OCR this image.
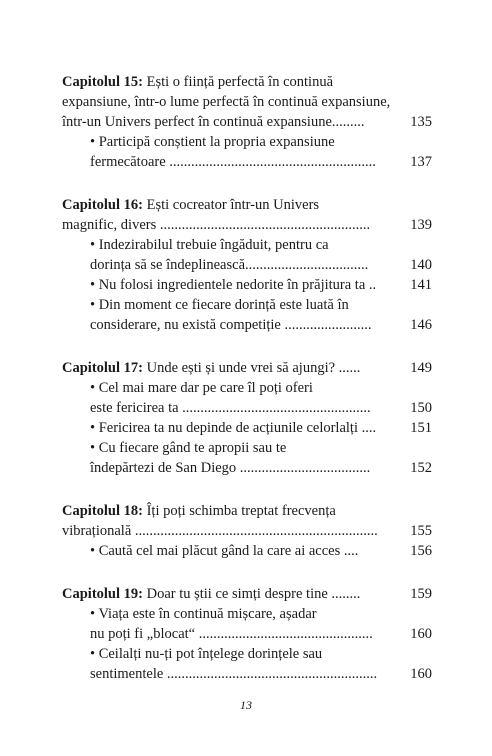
Capitolul 15: Ești o ființă perfectă în continuă
expansiune, într-o lume perfectă în continuă expansiune,
într-un Univers perfect în continuă expansiune.........	135
• Participă conștient la propria expansiune
fermecătoare ......................................................... 137
Capitolul 16: Ești cocreator într-un Univers
magnific, divers ..........................................................	139
• Indezirabilul trebuie îngăduit, pentru ca
dorința să se îndeplinească..................................	140
• Nu folosi ingredientele nedorite în prăjitura ta .. 141
• Din moment ce fiecare dorință este luată în
considerare, nu există competiție ........................	146
Capitolul 17: Unde ești și unde vrei să ajungi? ......	149
• Cel mai mare dar pe care îl poți oferi
este fericirea ta ....................................................	150
• Fericirea ta nu depinde de acțiunile celorlalți .... 151
• Cu fiecare gând te apropii sau te
îndepărtezi de San Diego ....................................	152
Capitolul 18: Îți poți schimba treptat frecvența
vibrațională ................................................................... 155
• Caută cel mai plăcut gând la care ai acces ....	156
Capitolul 19: Doar tu știi ce simți despre tine ........	159
• Viața este în continuă mișcare, așadar
nu poți fi „blocat“ ................................................	160
• Ceilalți nu-ți pot înțelege dorințele sau
sentimentele .......................................................... 160
13
